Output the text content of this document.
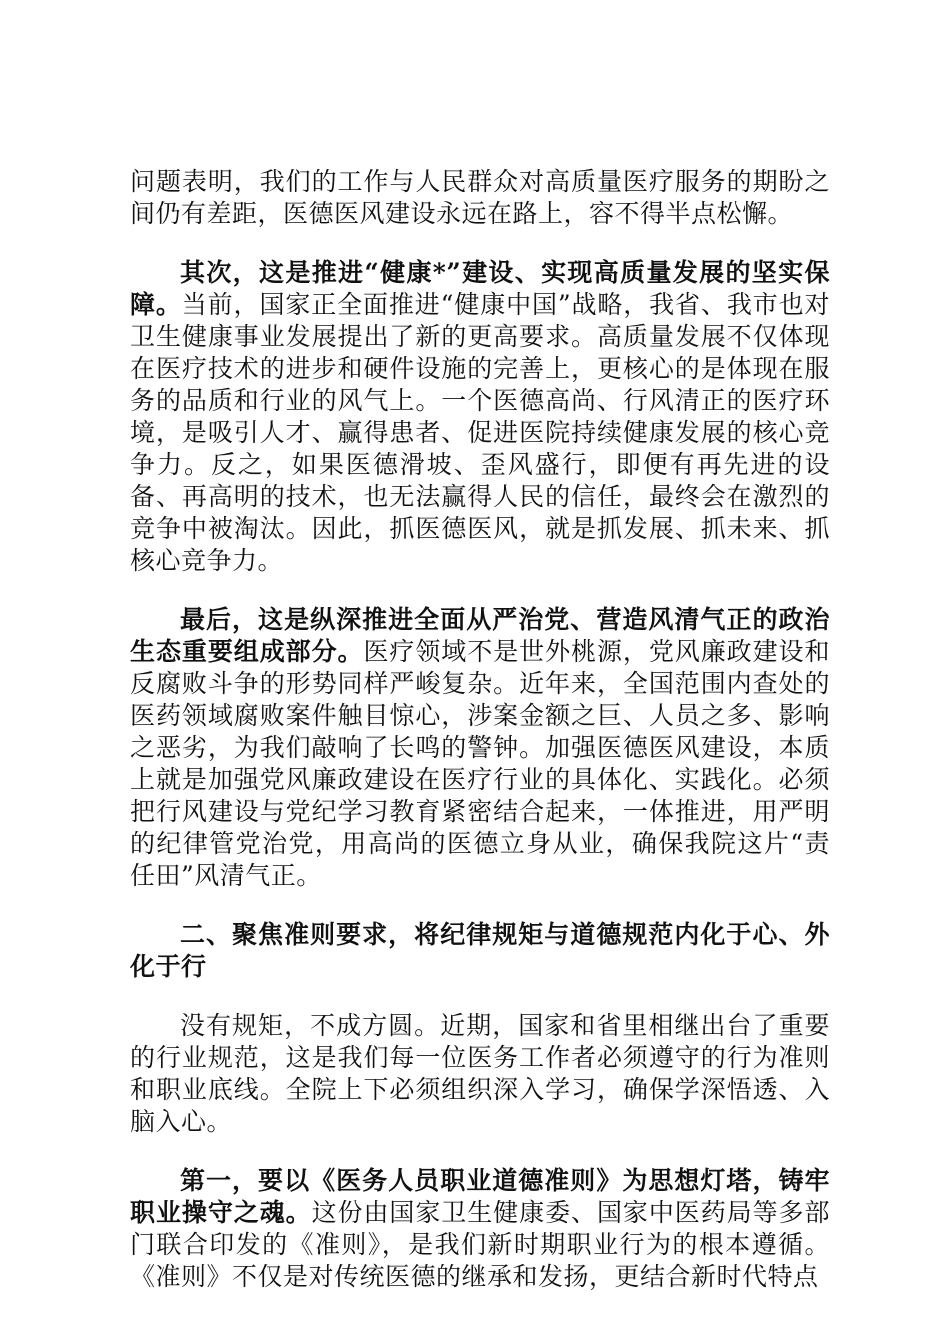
问题表明，我们的工作与人民群众对高质量医疗服务的期盼之间仍有差距，医德医风建设永远在路上，容不得半点松懈。

其次，这是推进“健康*”建设、实现高质量发展的坚实保障。当前，国家正全面推进“健康中国”战略，我省、我市也对卫生健康事业发展提出了新的更高要求。高质量发展不仅体现在医疗技术的进步和硬件设施的完善上，更核心的是体现在服务的品质和行业的风气上。一个医德高尚、行风清正的医疗环境，是吸引人才、赢得患者、促进医院持续健康发展的核心竞争力。反之，如果医德滑坡、歪风盛行，即便有再先进的设备、再高明的技术，也无法赢得人民的信任，最终会在激烈的竞争中被淘汰。因此，抓医德医风，就是抓发展、抓未来、抓核心竞争力。

最后，这是纵深推进全面从严治党、营造风清气正的政治生态重要组成部分。医疗领域不是世外桃源，党风廉政建设和反腐败斗争的形势同样严峻复杂。近年来，全国范围内查处的医药领域腐败案件触目惊心，涉案金额之巨、人员之多、影响之恶劣，为我们敲响了长鸣的警钟。加强医德医风建设，本质上就是加强党风廉政建设在医疗行业的具体化、实践化。必须把行风建设与党纪学习教育紧密结合起来，一体推进，用严明的纪律管党治党，用高尚的医德立身从业，确保我院这片“责任田”风清气正。

二、聚焦准则要求，将纪律规矩与道德规范内化于心、外化于行

没有规矩，不成方圆。近期，国家和省里相继出台了重要的行业规范，这是我们每一位医务工作者必须遵守的行为准则和职业底线。全院上下必须组织深入学习，确保学深悟透、入脑入心。

第一，要以《医务人员职业道德准则》为思想灯塔，铸牢职业操守之魂。这份由国家卫生健康委、国家中医药局等多部门联合印发的《准则》，是我们新时期职业行为的根本遵循。《准则》不仅是对传统医德的继承和发扬，更结合新时代特点
